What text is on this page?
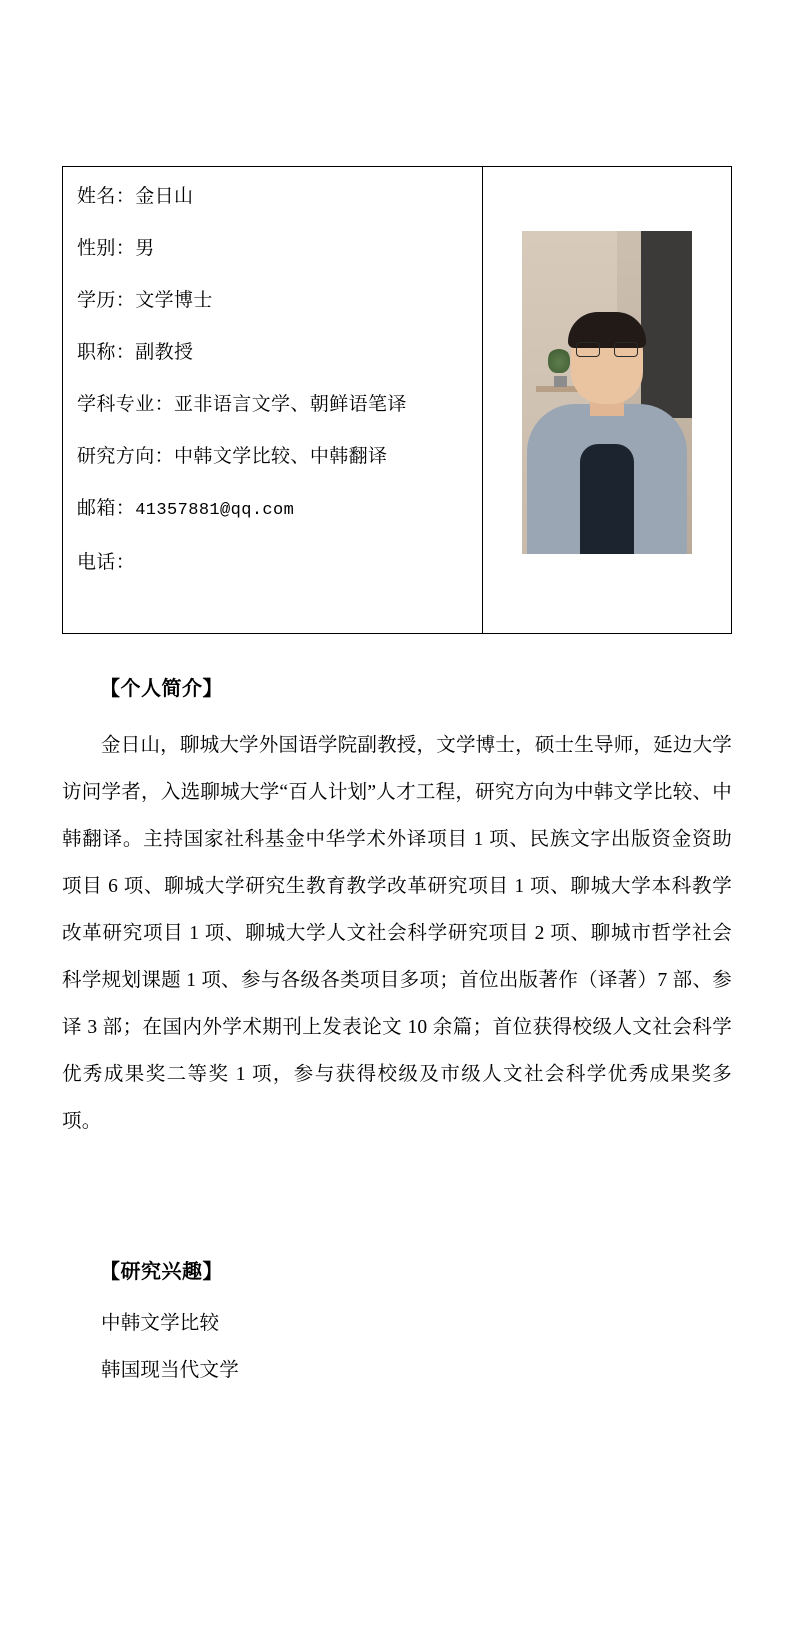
姓名：金日山
性别：男
学历：文学博士
职称：副教授
学科专业：亚非语言文学、朝鲜语笔译
研究方向：中韩文学比较、中韩翻译
邮箱：41357881@qq.com
电话：
【个人简介】
金日山，聊城大学外国语学院副教授，文学博士，硕士生导师，延边大学访问学者，入选聊城大学“百人计划”人才工程，研究方向为中韩文学比较、中韩翻译。主持国家社科基金中华学术外译项目 1 项、民族文字出版资金资助项目 6 项、聊城大学研究生教育教学改革研究项目 1 项、聊城大学本科教学改革研究项目 1 项、聊城大学人文社会科学研究项目 2 项、聊城市哲学社会科学规划课题 1 项、参与各级各类项目多项；首位出版著作（译著）7 部、参译 3 部；在国内外学术期刊上发表论文 10 余篇；首位获得校级人文社会科学优秀成果奖二等奖 1 项，参与获得校级及市级人文社会科学优秀成果奖多项。
【研究兴趣】
中韩文学比较
韩国现当代文学
